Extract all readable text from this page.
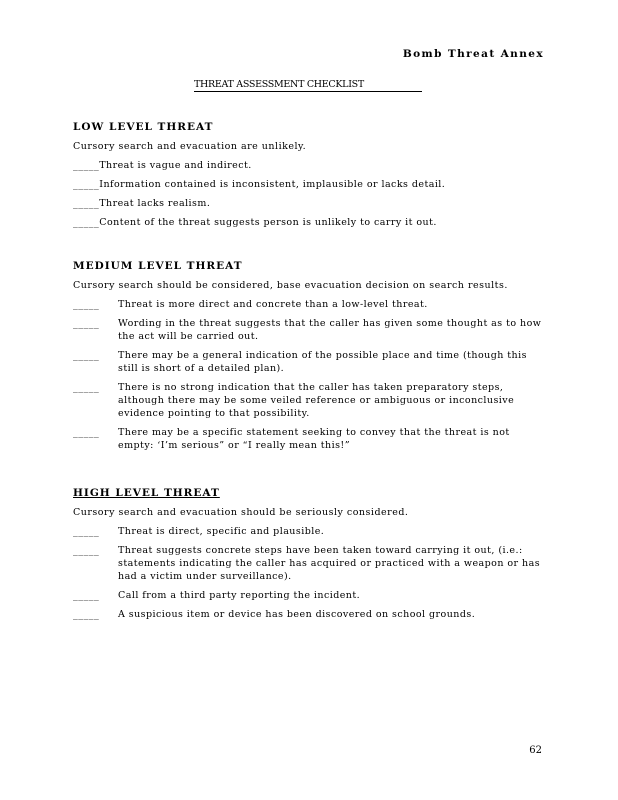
Bomb Threat Annex
THREAT ASSESSMENT CHECKLIST
LOW LEVEL THREAT
Cursory search and evacuation are unlikely.
_____ Threat is vague and indirect.
_____ Information contained is inconsistent, implausible or lacks detail.
_____ Threat lacks realism.
_____ Content of the threat suggests person is unlikely to carry it out.
MEDIUM LEVEL THREAT
Cursory search should be considered, base evacuation decision on search results.
_____	Threat is more direct and concrete than a low-level threat.
_____	Wording in the threat suggests that the caller has given some thought as to how the act will be carried out.
_____	There may be a general indication of the possible place and time (though this still is short of a detailed plan).
_____	There is no strong indication that the caller has taken preparatory steps, although there may be some veiled reference or ambiguous or inconclusive evidence pointing to that possibility.
_____	There may be a specific statement seeking to convey that the threat is not empty: ‘I’m serious” or “I really mean this!”
HIGH LEVEL THREAT
Cursory search and evacuation should be seriously considered.
_____	Threat is direct, specific and plausible.
_____	Threat suggests concrete steps have been taken toward carrying it out, (i.e.: statements indicating the caller has acquired or practiced with a weapon or has had a victim under surveillance).
_____	Call from a third party reporting the incident.
_____	A suspicious item or device has been discovered on school grounds.
62
